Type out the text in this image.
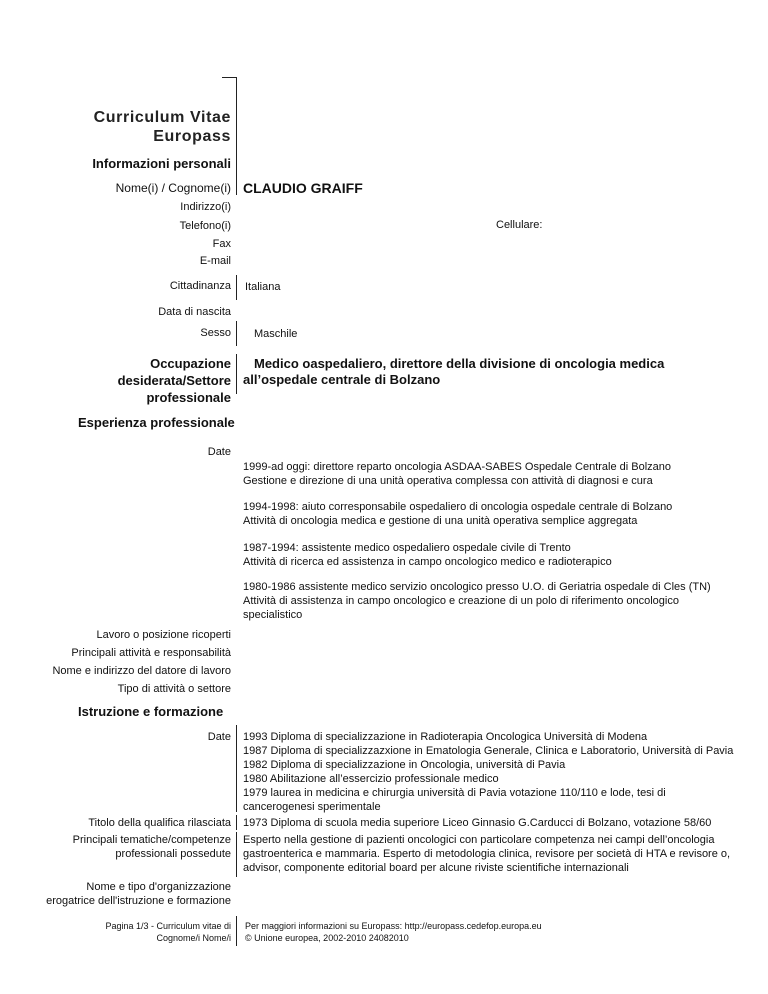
Curriculum Vitae
Europass
Informazioni personali
Nome(i) / Cognome(i) CLAUDIO GRAIFF
Indirizzo(i)
Telefono(i)	Cellulare:
Fax
E-mail
Cittadinanza Italiana
Data di nascita
Sesso Maschile
Occupazione
desiderata/Settore
professionale
Medico oaspedaliero, direttore della divisione di oncologia medica
all’ospedale centrale di Bolzano
Esperienza professionale
Date
1999-ad oggi: direttore reparto oncologia ASDAA-SABES Ospedale Centrale di Bolzano
Gestione e direzione di una unità operativa complessa con attività di diagnosi e cura
1994-1998: aiuto corresponsabile ospedaliero di oncologia ospedale centrale di Bolzano
Attività di oncologia medica e gestione di una unità operativa semplice aggregata
1987-1994: assistente medico ospedaliero ospedale civile di Trento
Attività di ricerca ed assistenza in campo oncologico medico e radioterapico
1980-1986 assistente medico servizio oncologico presso U.O. di Geriatria ospedale di Cles (TN)
Attività di assistenza in campo oncologico e creazione di un polo di riferimento oncologico
specialistico
Lavoro o posizione ricoperti
Principali attività e responsabilità
Nome e indirizzo del datore di lavoro
Tipo di attività o settore
Istruzione e formazione
Date 1993 Diploma di specializzazione in Radioterapia Oncologica Università di Modena
1987 Diploma di specializzazxione in Ematologia Generale, Clinica e Laboratorio, Università di Pavia
1982 Diploma di specializzazione in Oncologia, università di Pavia
1980 Abilitazione all’essercizio professionale medico
1979 laurea in medicina e chirurgia università di Pavia votazione 110/110 e lode, tesi di
cancerogenesi sperimentale
Titolo della qualifica rilasciata 1973 Diploma di scuola media superiore Liceo Ginnasio G.Carducci di Bolzano, votazione 58/60
Principali tematiche/competenze
professionali possedute
Esperto nella gestione di pazienti oncologici con particolare competenza nei campi dell’oncologia
gastroenterica e mammaria. Esperto di metodologia clinica, revisore per società di HTA e revisore o,
advisor, componente editorial board per alcune riviste scientifiche internazionali
Nome e tipo d'organizzazione
erogatrice dell'istruzione e formazione
Pagina 1/3 - Curriculum vitae di
Cognome/i Nome/i
Per maggiori informazioni su Europass: http://europass.cedefop.europa.eu
© Unione europea, 2002-2010 24082010
